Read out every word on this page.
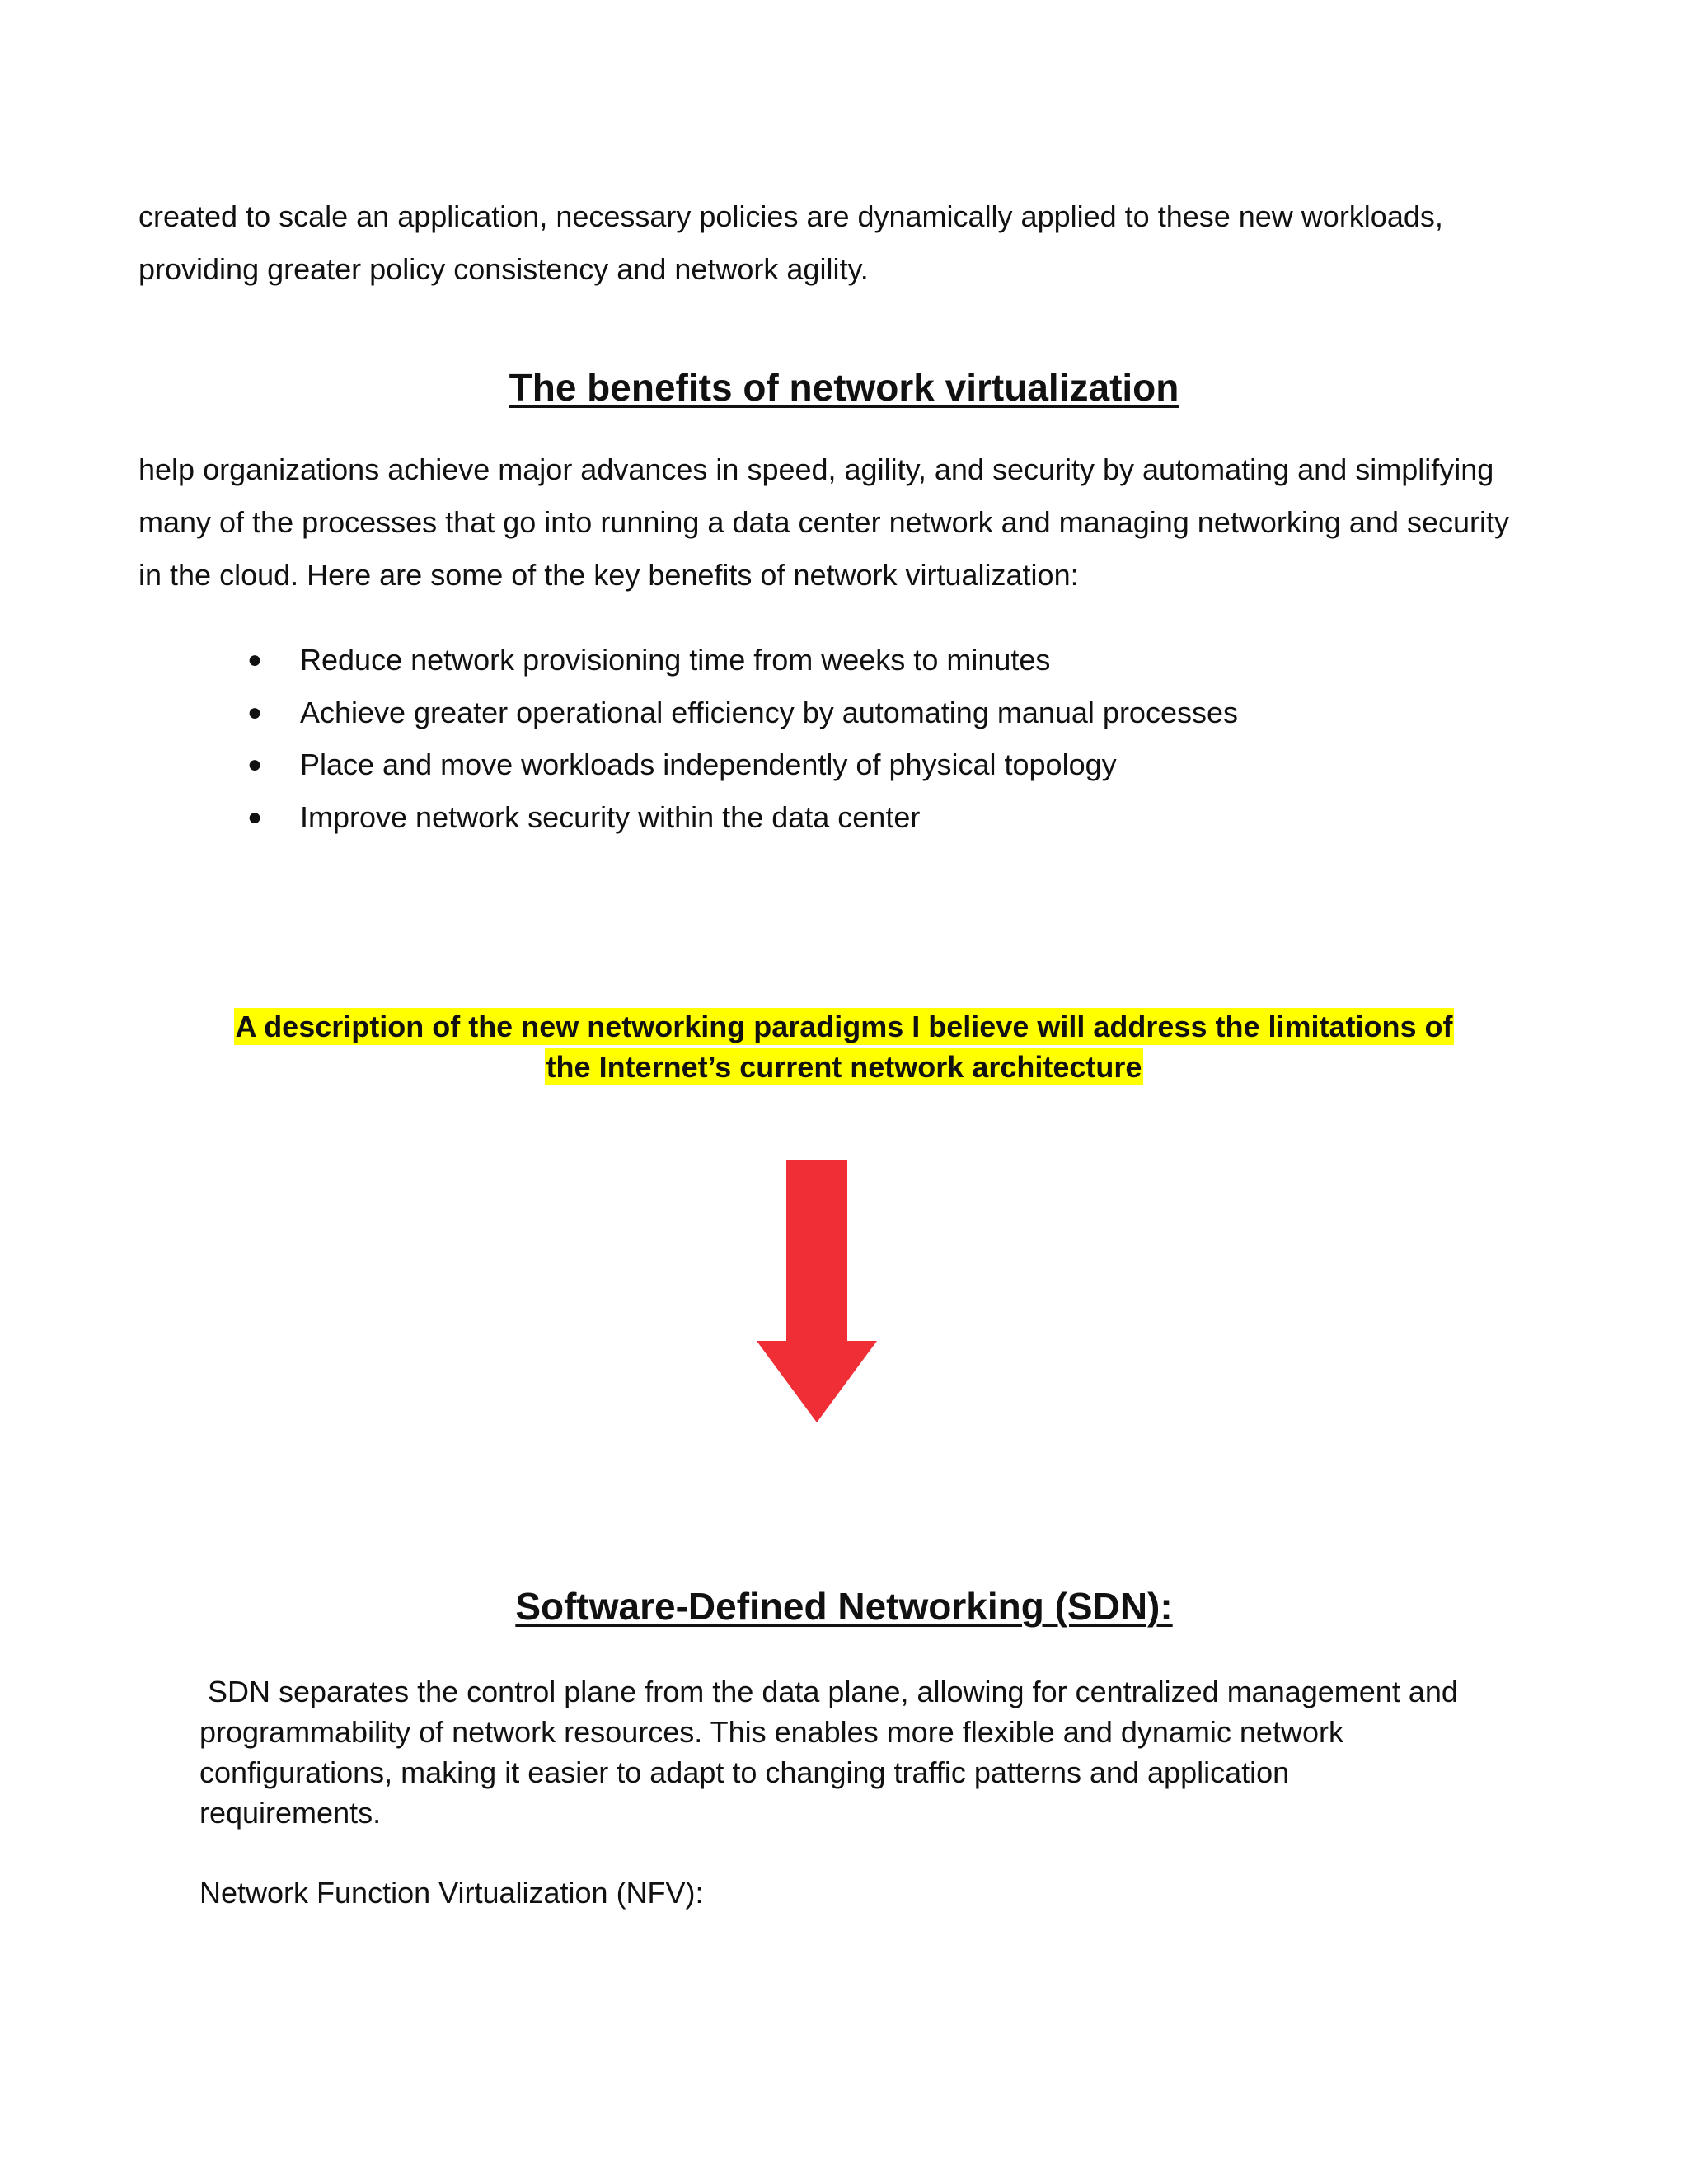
created to scale an application, necessary policies are dynamically applied to these new workloads,
providing greater policy consistency and network agility.

The benefits of network virtualization

help organizations achieve major advances in speed, agility, and security by automating and simplifying
many of the processes that go into running a data center network and managing networking and security
in the cloud. Here are some of the key benefits of network virtualization:

● Reduce network provisioning time from weeks to minutes
● Achieve greater operational efficiency by automating manual processes
● Place and move workloads independently of physical topology
● Improve network security within the data center
A description of the new networking paradigms I believe will address the limitations of
the Internet’s current network architecture
Software-Defined Networking (SDN):

SDN separates the control plane from the data plane, allowing for centralized management and
programmability of network resources. This enables more flexible and dynamic network
configurations, making it easier to adapt to changing traffic patterns and application
requirements.

Network Function Virtualization (NFV):
